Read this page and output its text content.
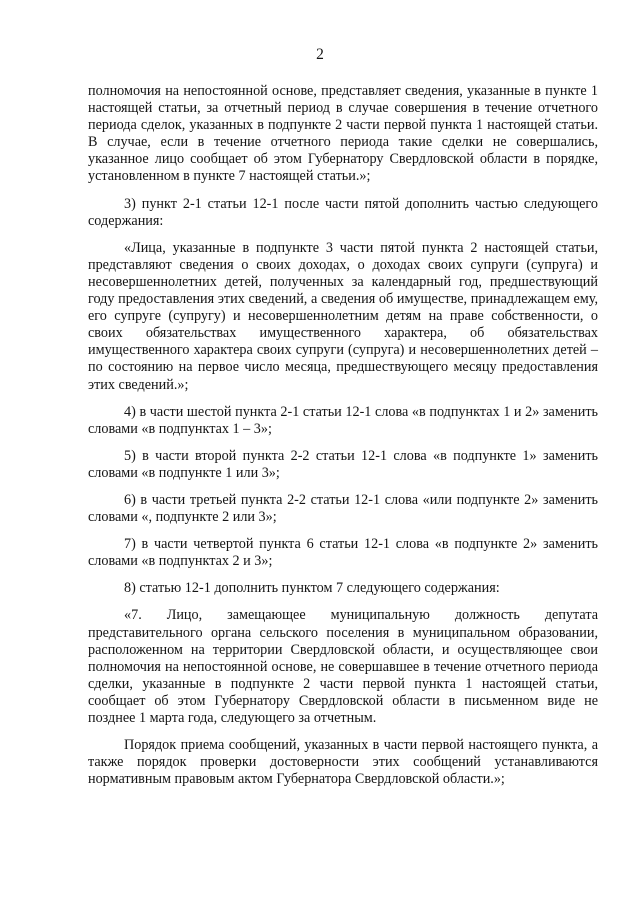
2

полномочия на непостоянной основе, представляет сведения, указанные в пункте 1 настоящей статьи, за отчетный период в случае совершения в течение отчетного периода сделок, указанных в подпункте 2 части первой пункта 1 настоящей статьи. В случае, если в течение отчетного периода такие сделки не совершались, указанное лицо сообщает об этом Губернатору Свердловской области в порядке, установленном в пункте 7 настоящей статьи.»;

3) пункт 2-1 статьи 12-1 после части пятой дополнить частью следующего содержания:

«Лица, указанные в подпункте 3 части пятой пункта 2 настоящей статьи, представляют сведения о своих доходах, о доходах своих супруги (супруга) и несовершеннолетних детей, полученных за календарный год, предшествующий году предоставления этих сведений, а сведения об имуществе, принадлежащем ему, его супруге (супругу) и несовершеннолетним детям на праве собственности, о своих обязательствах имущественного характера, об обязательствах имущественного характера своих супруги (супруга) и несовершеннолетних детей – по состоянию на первое число месяца, предшествующего месяцу предоставления этих сведений.»;

4) в части шестой пункта 2-1 статьи 12-1 слова «в подпунктах 1 и 2» заменить словами «в подпунктах 1 – 3»;

5) в части второй пункта 2-2 статьи 12-1 слова «в подпункте 1» заменить словами «в подпункте 1 или 3»;

6) в части третьей пункта 2-2 статьи 12-1 слова «или подпункте 2» заменить словами «, подпункте 2 или 3»;

7) в части четвертой пункта 6 статьи 12-1 слова «в подпункте 2» заменить словами «в подпунктах 2 и 3»;

8) статью 12-1 дополнить пунктом 7 следующего содержания:

«7. Лицо, замещающее муниципальную должность депутата представительного органа сельского поселения в муниципальном образовании, расположенном на территории Свердловской области, и осуществляющее свои полномочия на непостоянной основе, не совершавшее в течение отчетного периода сделки, указанные в подпункте 2 части первой пункта 1 настоящей статьи, сообщает об этом Губернатору Свердловской области в письменном виде не позднее 1 марта года, следующего за отчетным.

Порядок приема сообщений, указанных в части первой настоящего пункта, а также порядок проверки достоверности этих сообщений устанавливаются нормативным правовым актом Губернатора Свердловской области.»;
